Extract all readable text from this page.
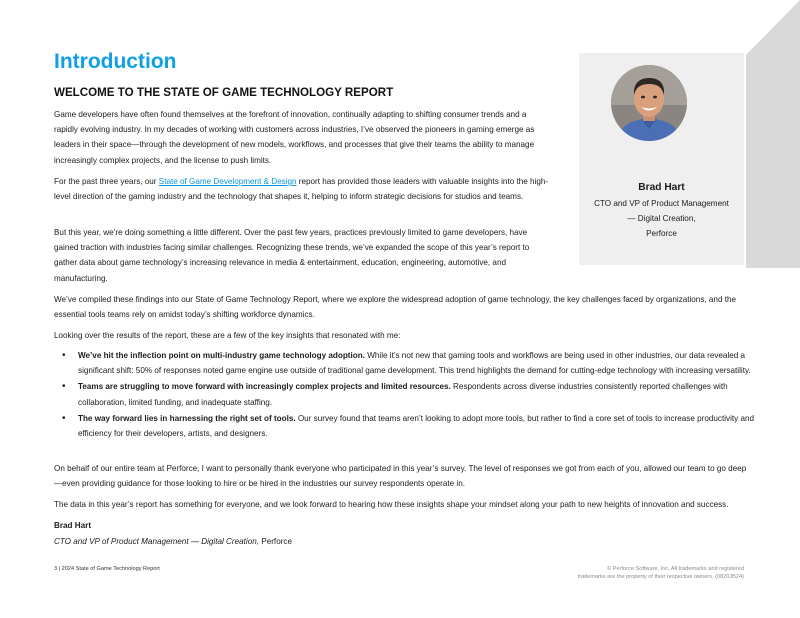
Introduction
WELCOME TO THE STATE OF GAME TECHNOLOGY REPORT

Game developers have often found themselves at the forefront of innovation, continually adapting to shifting consumer trends and a rapidly evolving industry. In my decades of working with customers across industries, I’ve observed the pioneers in gaming emerge as leaders in their space—through the development of new models, workflows, and processes that give their teams the ability to manage increasingly complex projects, and the license to push limits.

For the past three years, our State of Game Development & Design report has provided those leaders with valuable insights into the high-level direction of the gaming industry and the technology that shapes it, helping to inform strategic decisions for studios and teams.

But this year, we’re doing something a little different. Over the past few years, practices previously limited to game developers, have gained traction with industries facing similar challenges. Recognizing these trends, we’ve expanded the scope of this year’s report to gather data about game technology’s increasing relevance in media & entertainment, education, engineering, automotive, and manufacturing.

We’ve compiled these findings into our State of Game Technology Report, where we explore the widespread adoption of game technology, the key challenges faced by organizations, and the essential tools teams rely on amidst today’s shifting workforce dynamics.

Looking over the results of the report, these are a few of the key insights that resonated with me:

• We’ve hit the inflection point on multi-industry game technology adoption. While it’s not new that gaming tools and workflows are being used in other industries, our data revealed a significant shift: 50% of responses noted game engine use outside of traditional game development. This trend highlights the demand for cutting-edge technology with increasing versatility.
• Teams are struggling to move forward with increasingly complex projects and limited resources. Respondents across diverse industries consistently reported challenges with collaboration, limited funding, and inadequate staffing.
• The way forward lies in harnessing the right set of tools. Our survey found that teams aren’t looking to adopt more tools, but rather to find a core set of tools to increase productivity and efficiency for their developers, artists, and designers.

On behalf of our entire team at Perforce, I want to personally thank everyone who participated in this year’s survey. The level of responses we got from each of you, allowed our team to go deep—even providing guidance for those looking to hire or be hired in the industries our survey respondents operate in.

The data in this year’s report has something for everyone, and we look forward to hearing how these insights shape your mindset along your path to new heights of innovation and success.

Brad Hart
CTO and VP of Product Management — Digital Creation, Perforce
Brad Hart
CTO and VP of Product Management
— Digital Creation,
Perforce
3 | 2024 State of Game Technology Report	© Perforce Software, Inc. All trademarks and registered
trademarks are the property of their respective owners. (0820JB24)
